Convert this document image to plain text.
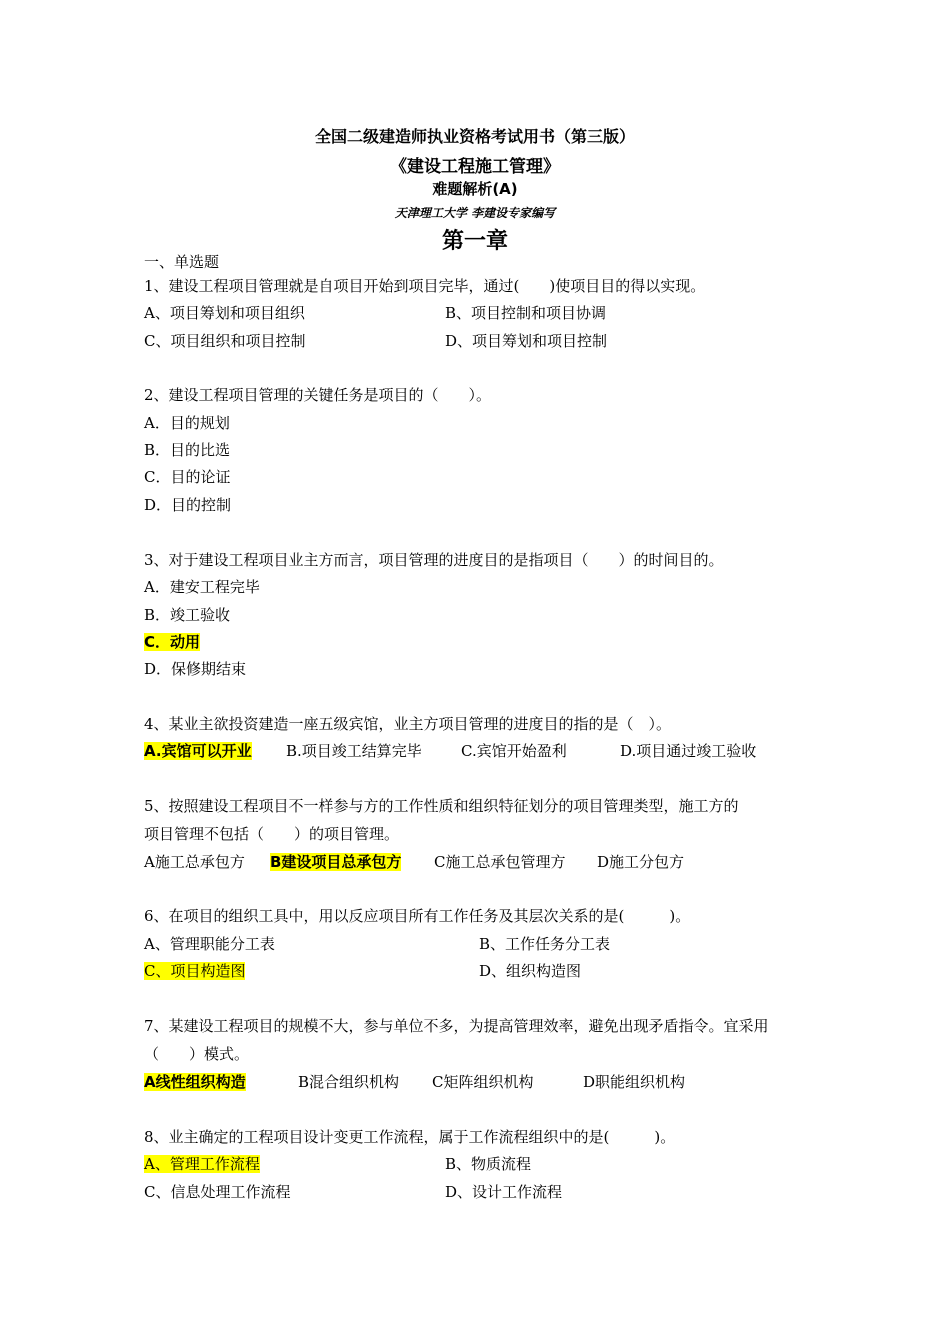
全国二级建造师执业资格考试用书（第三版）
《建设工程施工管理》
难题解析(A)
天津理工大学 李建设专家编写
第一章
一、单选题
1、建设工程项目管理就是自项目开始到项目完毕，通过(　　)使项目目的得以实现。
A、项目筹划和项目组织	B、项目控制和项目协调
C、项目组织和项目控制	D、项目筹划和项目控制
2、建设工程项目管理的关键任务是项目的（　　）。
A．目的规划
B．目的比选
C．目的论证
D．目的控制
3、对于建设工程项目业主方而言，项目管理的进度目的是指项目（　　）的时间目的。
A．建安工程完毕
B．竣工验收
C．动用
D．保修期结束
4、某业主欲投资建造一座五级宾馆，业主方项目管理的进度目的指的是（　）。
A.宾馆可以开业 B.项目竣工结算完毕	C.宾馆开始盈利	D.项目通过竣工验收
5、按照建设工程项目不一样参与方的工作性质和组织特征划分的项目管理类型，施工方的
项目管理不包括（　　）的项目管理。
A施工总承包方 B建设项目总承包方 C施工总承包管理方 D施工分包方
6、在项目的组织工具中，用以反应项目所有工作任务及其层次关系的是(　　　)。
A、管理职能分工表	B、工作任务分工表
C、项目构造图	D、组织构造图
7、某建设工程项目的规模不大，参与单位不多，为提高管理效率，避免出现矛盾指令。宜采用
（　　）模式。
A线性组织构造	B混合组织机构 C矩阵组织机构	D职能组织机构
8、业主确定的工程项目设计变更工作流程，属于工作流程组织中的是(　　　)。
A、管理工作流程	B、物质流程
C、信息处理工作流程	D、设计工作流程
